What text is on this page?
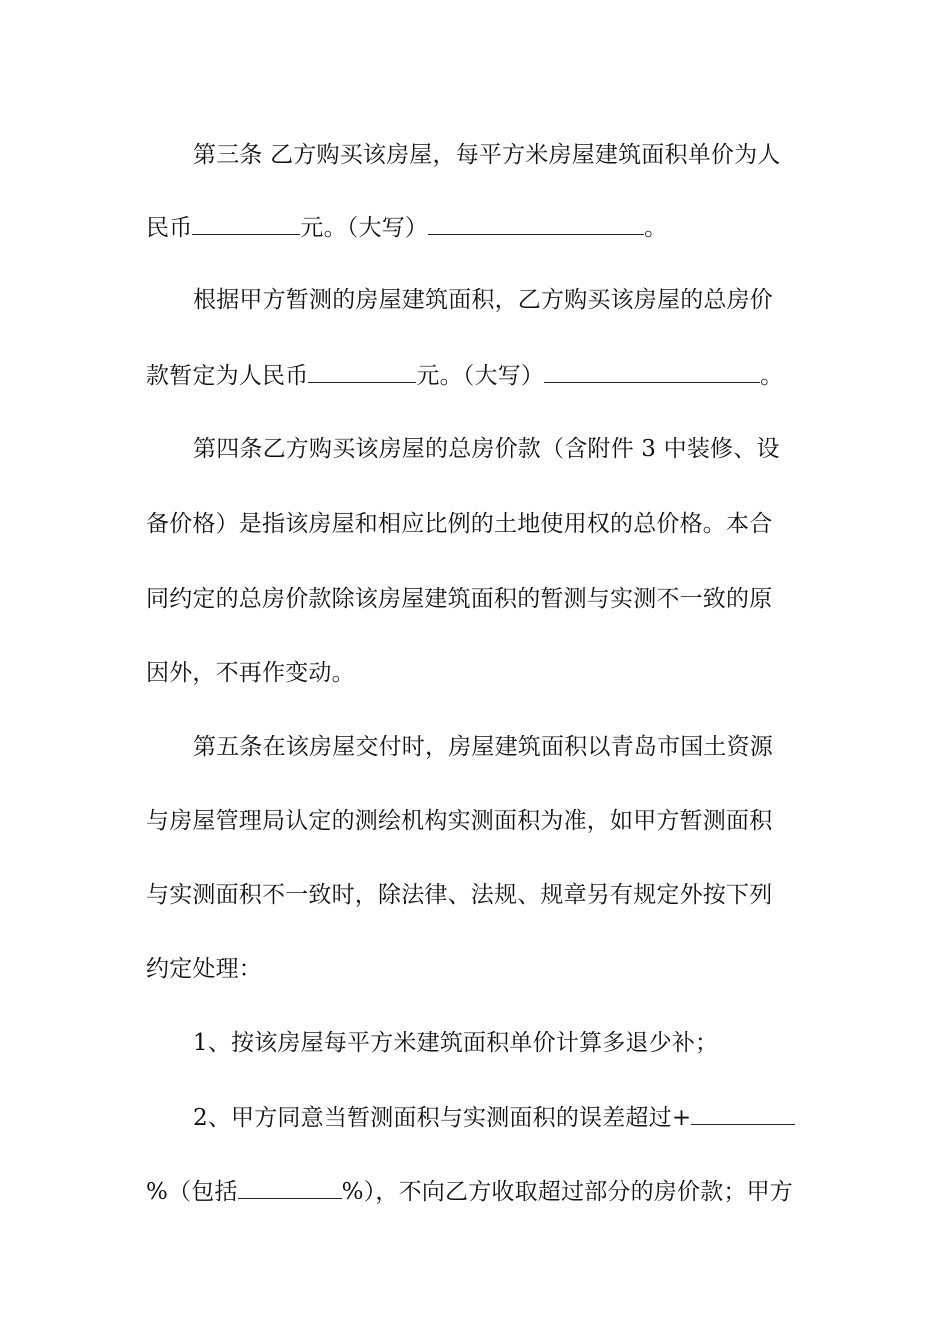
第三条 乙方购买该房屋，每平方米房屋建筑面积单价为人
民币	元。（大写）	。
根据甲方暂测的房屋建筑面积，乙方购买该房屋的总房价
款暂定为人民币	元。（大写）	。
第四条乙方购买该房屋的总房价款（含附件 3 中装修、设
备价格）是指该房屋和相应比例的土地使用权的总价格。本合
同约定的总房价款除该房屋建筑面积的暂测与实测不一致的原
因外，不再作变动。
第五条在该房屋交付时，房屋建筑面积以青岛市国土资源
与房屋管理局认定的测绘机构实测面积为准，如甲方暂测面积
与实测面积不一致时，除法律、法规、规章另有规定外按下列
约定处理：
1、按该房屋每平方米建筑面积单价计算多退少补；
2、甲方同意当暂测面积与实测面积的误差超过+
%（包括	%），不向乙方收取超过部分的房价款；甲方
